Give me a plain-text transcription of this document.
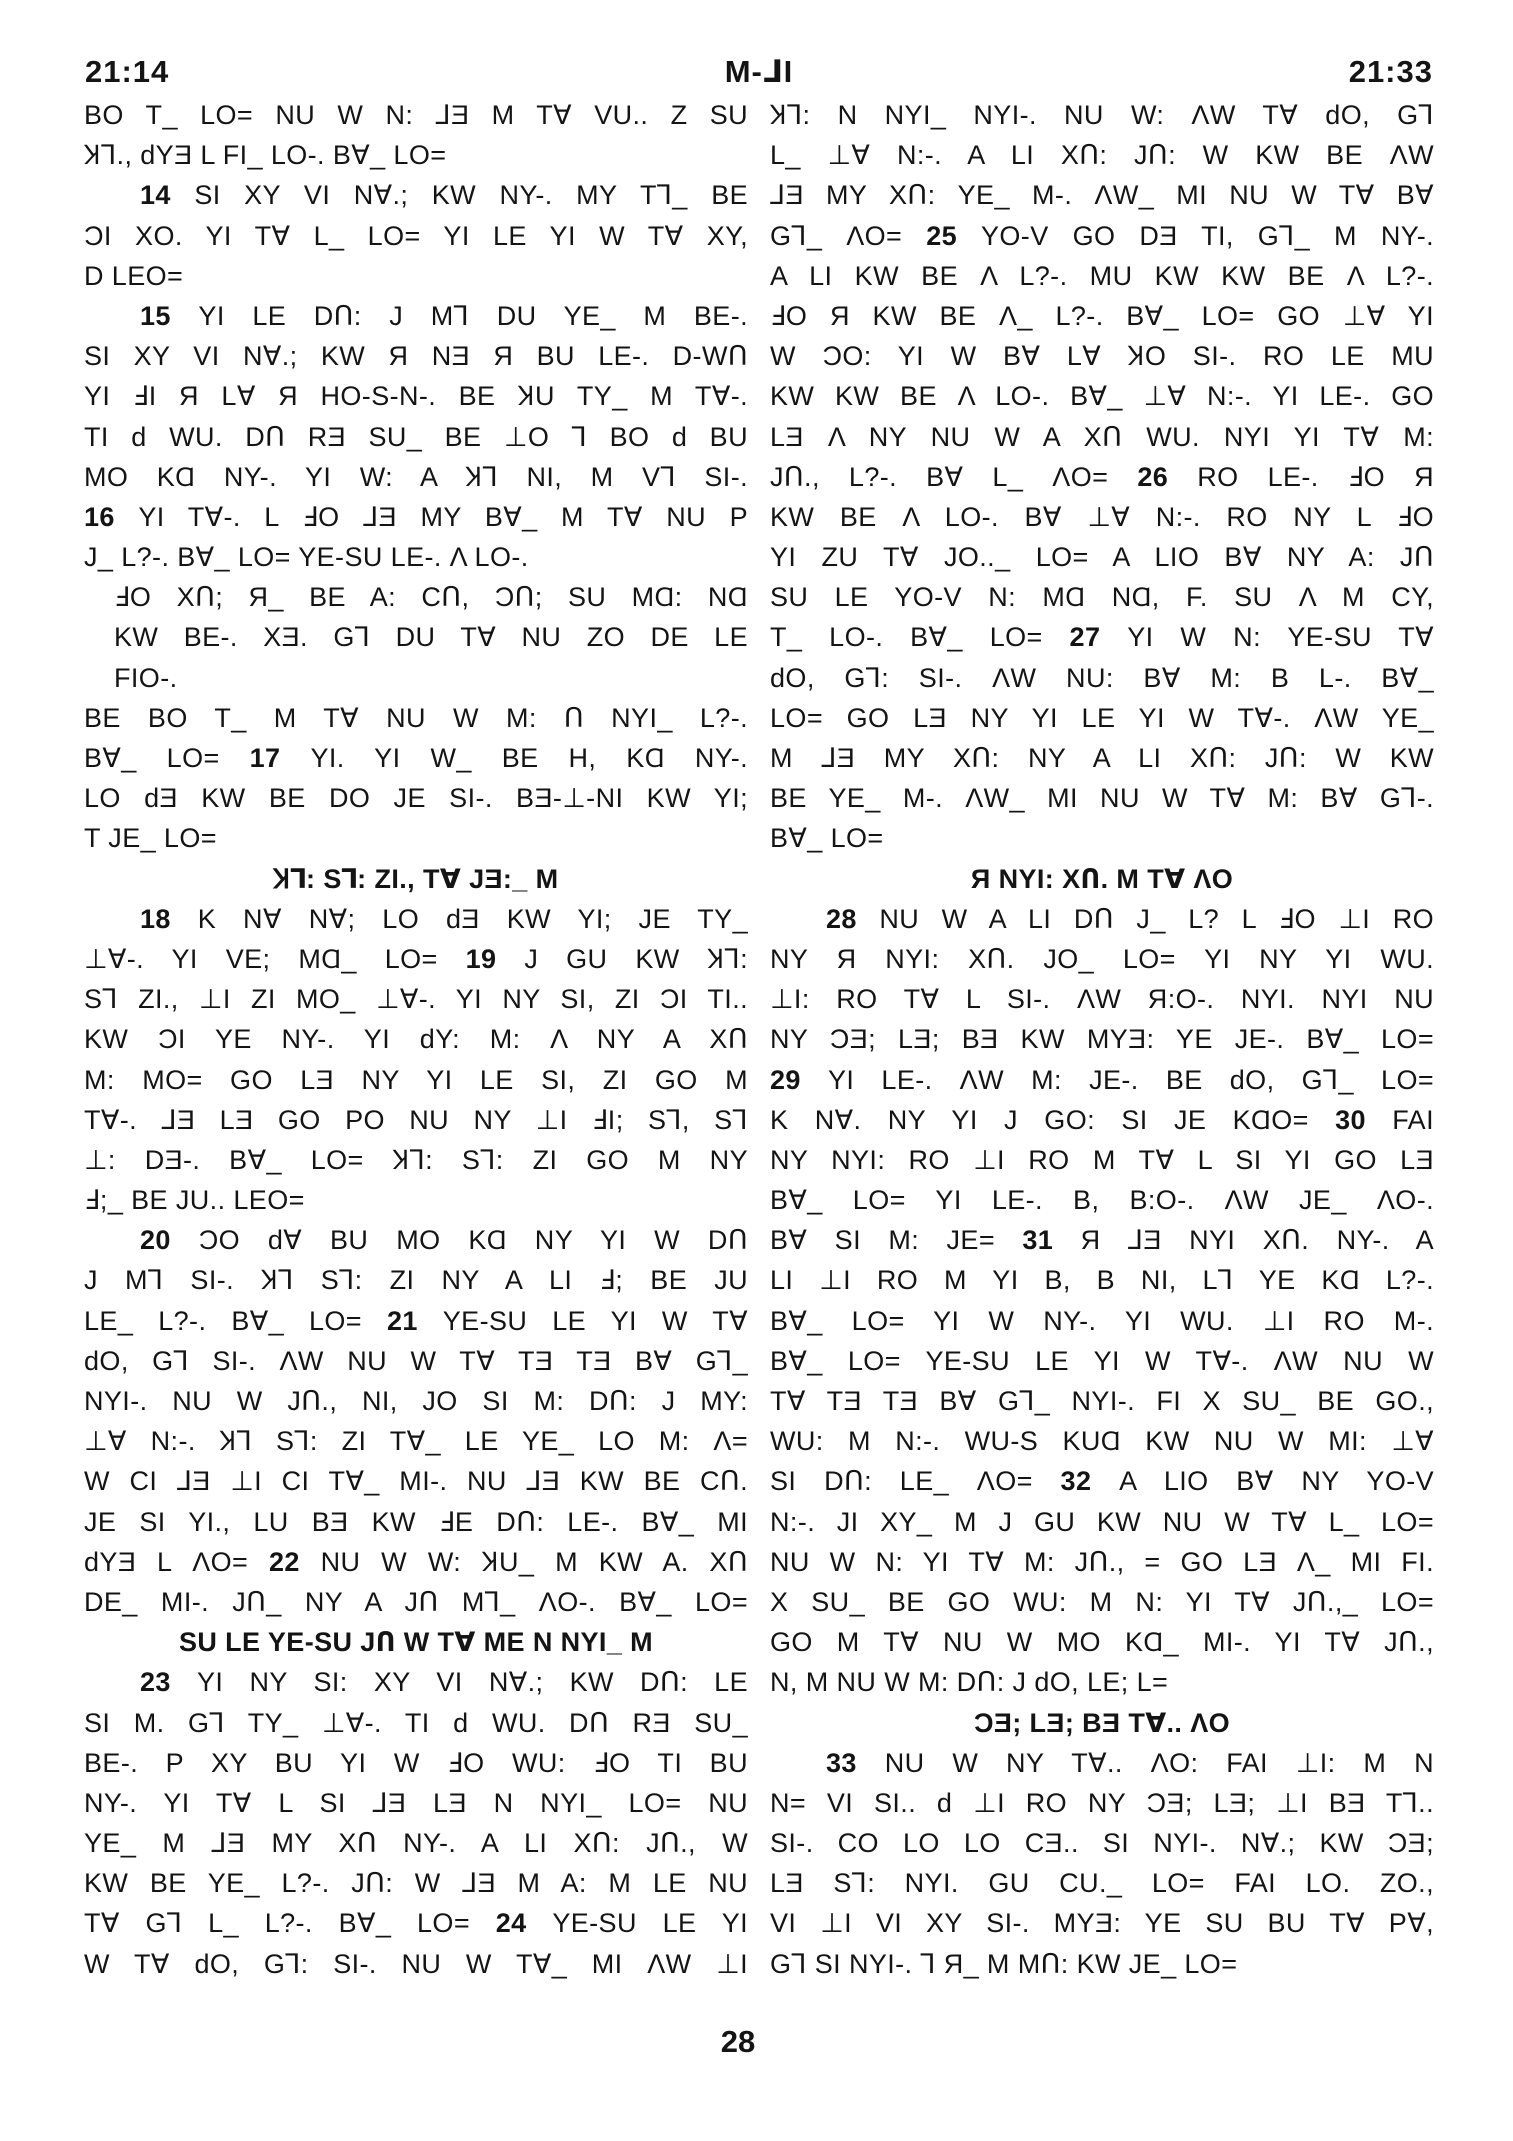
21:14	M-⅃I	21:33
BO T_ LO= NU W N: ⅃Ǝ M TⱯ VU.. Z SU
Ʞ⅂., dYƎ L FI_ LO-. BⱯ_ LO=
14 SI XY VI NⱯ.; KW NY-. MY T⅂_ BE
ƆI XO. YI TⱯ L_ LO= YI LE YI W TⱯ XY,
D LEO=
15 YI LE DՈ: J M⅂ DU YE_ M BE-.
SI XY VI NⱯ.; KW Я NƎ Я BU LE-. D-WՈ
YI ℲI Я LⱯ Я HO-S-N-. BE ꞰU TY_ M TⱯ-.
TI d WU. DՈ RƎ SU_ BE ⊥O ⅂ BO d BU
MO KⱭ NY-. YI W: A Ʞ⅂ NI, M V⅂ SI-.
16 YI TⱯ-. L ℲO ⅃Ǝ MY BⱯ_ M TⱯ NU P
J_ L?-. BⱯ_ LO= YE-SU LE-. Λ LO-.
ℲO XՈ; Я_ BE A: CՈ, ƆՈ; SU MⱭ: NⱭ
KW BE-. XƎ. G⅂ DU TⱯ NU ZO DE LE
FIO-.
BE BO T_ M TⱯ NU W M: Ո NYI_ L?-.
BⱯ_ LO= 17 YI. YI W_ BE H, KⱭ NY-.
LO dƎ KW BE DO JE SI-. BƎ-⊥-NI KW YI;
T JE_ LO=
Ʞ⅂: S⅂: ZI., TⱯ JƎ:_ M
18 K NⱯ NⱯ; LO dƎ KW YI; JE TY_
⊥Ɐ-. YI VE; MⱭ_ LO= 19 J GU KW Ʞ⅂:
S⅂ ZI., ⊥I ZI MO_ ⊥Ɐ-. YI NY SI, ZI ƆI TI..
KW ƆI YE NY-. YI dY: M: Λ NY A XՈ
M: MO= GO LƎ NY YI LE SI, ZI GO M
TⱯ-. ⅃Ǝ LƎ GO PO NU NY ⊥I ℲI; S⅂, S⅂
⊥: DƎ-. BⱯ_ LO= Ʞ⅂: S⅂: ZI GO M NY
Ⅎ;_ BE JU.. LEO=
20 ƆO dⱯ BU MO KⱭ NY YI W DՈ
J M⅂ SI-. Ʞ⅂ S⅂: ZI NY A LI Ⅎ; BE JU
LE_ L?-. BⱯ_ LO= 21 YE-SU LE YI W TⱯ
dO, G⅂ SI-. ΛW NU W TⱯ TƎ TƎ BⱯ G⅂_
NYI-. NU W JՈ., NI, JO SI M: DՈ: J MY:
⊥Ɐ N:-. Ʞ⅂ S⅂: ZI TⱯ_ LE YE_ LO M: Λ=
W CI ⅃Ǝ ⊥I CI TⱯ_ MI-. NU ⅃Ǝ KW BE CՈ.
JE SI YI., LU BƎ KW ℲE DՈ: LE-. BⱯ_ MI
dYƎ L ΛO= 22 NU W W: ꞰU_ M KW A. XՈ
DE_ MI-. JՈ_ NY A JՈ M⅂_ ΛO-. BⱯ_ LO=
SU LE YE-SU JՈ W TⱯ ME N NYI_ M
23 YI NY SI: XY VI NⱯ.; KW DՈ: LE
SI M. G⅂ TY_ ⊥Ɐ-. TI d WU. DՈ RƎ SU_
BE-. P XY BU YI W ℲO WU: ℲO TI BU
NY-. YI TⱯ L SI ⅃Ǝ LƎ N NYI_ LO= NU
YE_ M ⅃Ǝ MY XՈ NY-. A LI XՈ: JՈ., W
KW BE YE_ L?-. JՈ: W ⅃Ǝ M A: M LE NU
TⱯ G⅂ L_ L?-. BⱯ_ LO= 24 YE-SU LE YI
W TⱯ dO, G⅂: SI-. NU W TⱯ_ MI ΛW ⊥I
Ʞ⅂: N NYI_ NYI-. NU W: ΛW TⱯ dO, G⅂
L_ ⊥Ɐ N:-. A LI XՈ: JՈ: W KW BE ΛW
⅃Ǝ MY XՈ: YE_ M-. ΛW_ MI NU W TⱯ BⱯ
G⅂_ ΛO= 25 YO-V GO DƎ TI, G⅂_ M NY-.
A LI KW BE Λ L?-. MU KW KW BE Λ L?-.
ℲO Я KW BE Λ_ L?-. BⱯ_ LO= GO ⊥Ɐ YI
W ƆO: YI W BⱯ LⱯ ꞰO SI-. RO LE MU
KW KW BE Λ LO-. BⱯ_ ⊥Ɐ N:-. YI LE-. GO
LƎ Λ NY NU W A XՈ WU. NYI YI TⱯ M:
JՈ., L?-. BⱯ L_ ΛO= 26 RO LE-. ℲO Я
KW BE Λ LO-. BⱯ ⊥Ɐ N:-. RO NY L ℲO
YI ZU TⱯ JO.._ LO= A LIO BⱯ NY A: JՈ
SU LE YO-V N: MⱭ NⱭ, F. SU Λ M CY,
T_ LO-. BⱯ_ LO= 27 YI W N: YE-SU TⱯ
dO, G⅂: SI-. ΛW NU: BⱯ M: B L-. BⱯ_
LO= GO LƎ NY YI LE YI W TⱯ-. ΛW YE_
M ⅃Ǝ MY XՈ: NY A LI XՈ: JՈ: W KW
BE YE_ M-. ΛW_ MI NU W TⱯ M: BⱯ G⅂-.
BⱯ_ LO=
Я NYI: XՈ. M TⱯ ΛO
28 NU W A LI DՈ J_ L? L ℲO ⊥I RO
NY Я NYI: XՈ. JO_ LO= YI NY YI WU.
⊥I: RO TⱯ L SI-. ΛW Я:O-. NYI. NYI NU
NY ƆƎ; LƎ; BƎ KW MYƎ: YE JE-. BⱯ_ LO=
29 YI LE-. ΛW M: JE-. BE dO, G⅂_ LO=
K NⱯ. NY YI J GO: SI JE KⱭO= 30 FAI
NY NYI: RO ⊥I RO M TⱯ L SI YI GO LƎ
BⱯ_ LO= YI LE-. B, B:O-. ΛW JE_ ΛO-.
BⱯ SI M: JE= 31 Я ⅃Ǝ NYI XՈ. NY-. A
LI ⊥I RO M YI B, B NI, L⅂ YE KⱭ L?-.
BⱯ_ LO= YI W NY-. YI WU. ⊥I RO M-.
BⱯ_ LO= YE-SU LE YI W TⱯ-. ΛW NU W
TⱯ TƎ TƎ BⱯ G⅂_ NYI-. FI X SU_ BE GO.,
WU: M N:-. WU-S KUⱭ KW NU W MI: ⊥Ɐ
SI DՈ: LE_ ΛO= 32 A LIO BⱯ NY YO-V
N:-. JI XY_ M J GU KW NU W TⱯ L_ LO=
NU W N: YI TⱯ M: JՈ., = GO LƎ Λ_ MI FI.
X SU_ BE GO WU: M N: YI TⱯ JՈ.,_ LO=
GO M TⱯ NU W MO KⱭ_ MI-. YI TⱯ JՈ.,
N, M NU W M: DՈ: J dO, LE; L=
ƆƎ; LƎ; BƎ TⱯ.. ΛO
33 NU W NY TⱯ.. ΛO: FAI ⊥I: M N
N= VI SI.. d ⊥I RO NY ƆƎ; LƎ; ⊥I BƎ T⅂..
SI-. CO LO LO CƎ.. SI NYI-. NⱯ.; KW ƆƎ;
LƎ S⅂: NYI. GU CU._ LO= FAI LO. ZO.,
VI ⊥I VI XY SI-. MYƎ: YE SU BU TⱯ PⱯ,
G⅂ SI NYI-. ⅂ Я_ M MՈ: KW JE_ LO=
28
